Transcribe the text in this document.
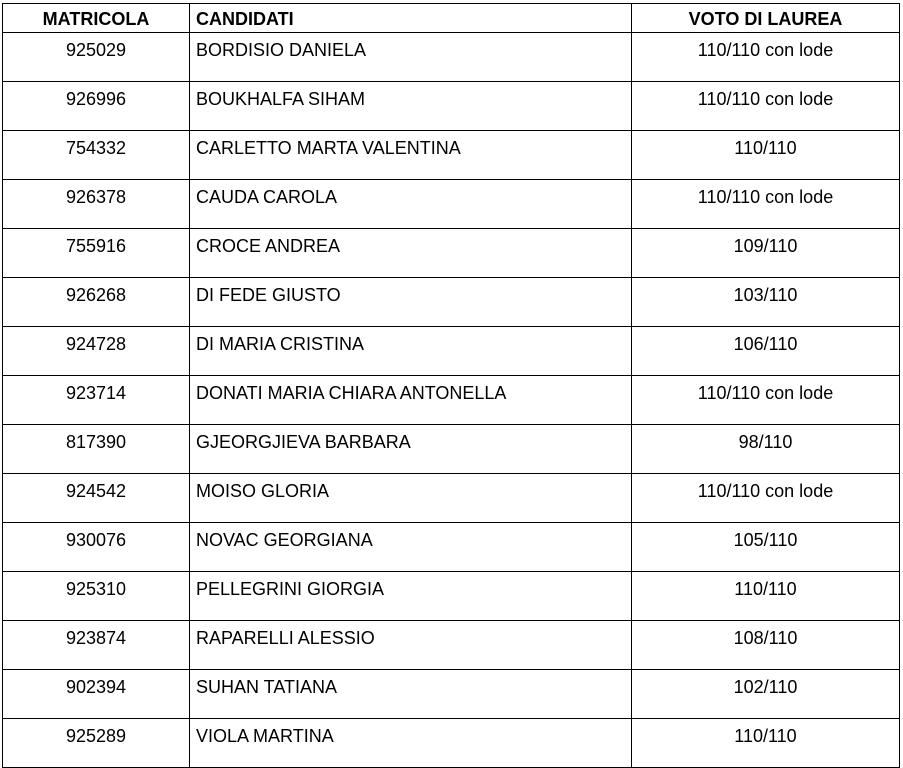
MATRICOLA	CANDIDATI	VOTO DI LAUREA
925029	BORDISIO DANIELA	110/110 con lode
926996	BOUKHALFA SIHAM	110/110 con lode
754332	CARLETTO MARTA VALENTINA	110/110
926378	CAUDA CAROLA	110/110 con lode
755916	CROCE ANDREA	109/110
926268	DI FEDE GIUSTO	103/110
924728	DI MARIA CRISTINA	106/110
923714	DONATI MARIA CHIARA ANTONELLA	110/110 con lode
817390	GJEORGJIEVA BARBARA	98/110
924542	MOISO GLORIA	110/110 con lode
930076	NOVAC GEORGIANA	105/110
925310	PELLEGRINI GIORGIA	110/110
923874	RAPARELLI ALESSIO	108/110
902394	SUHAN TATIANA	102/110
925289	VIOLA MARTINA	110/110
